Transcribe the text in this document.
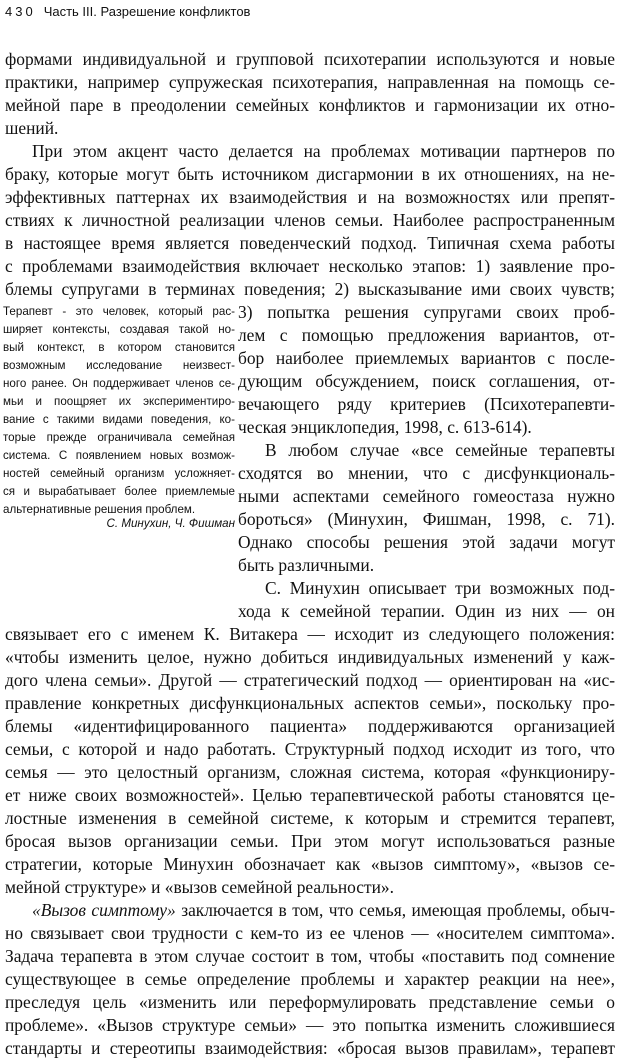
430 Часть III. Разрешение конфликтов
формами индивидуальной и групповой психотерапии используются и новые
практики, например супружеская психотерапия, направленная на помощь се-
мейной паре в преодолении семейных конфликтов и гармонизации их отно-
шений.
При этом акцент часто делается на проблемах мотивации партнеров по
браку, которые могут быть источником дисгармонии в их отношениях, на не-
эффективных паттернах их взаимодействия и на возможностях или препят-
ствиях к личностной реализации членов семьи. Наиболее распространенным
в настоящее время является поведенческий подход. Типичная схема работы
с проблемами взаимодействия включает несколько этапов: 1) заявление про-
блемы супругами в терминах поведения; 2) высказывание ими своих чувств;
3) попытка решения супругами своих проб-
лем с помощью предложения вариантов, от-
бор наиболее приемлемых вариантов с после-
дующим обсуждением, поиск соглашения, от-
вечающего ряду критериев (Психотерапевти-
ческая энциклопедия, 1998, с. 613-614).
В любом случае «все семейные терапевты
сходятся во мнении, что с дисфункциональ-
ными аспектами семейного гомеостаза нужно
бороться» (Минухин, Фишман, 1998, с. 71).
Однако способы решения этой задачи могут
быть различными.
С. Минухин описывает три возможных под-
хода к семейной терапии. Один из них — он
связывает его с именем К. Витакера — исходит из следующего положения:
«чтобы изменить целое, нужно добиться индивидуальных изменений у каж-
дого члена семьи». Другой — стратегический подход — ориентирован на «ис-
правление конкретных дисфункциональных аспектов семьи», поскольку про-
блемы «идентифицированного пациента» поддерживаются организацией
семьи, с которой и надо работать. Структурный подход исходит из того, что
семья — это целостный организм, сложная система, которая «функциониру-
ет ниже своих возможностей». Целью терапевтической работы становятся це-
лостные изменения в семейной системе, к которым и стремится терапевт,
бросая вызов организации семьи. При этом могут использоваться разные
стратегии, которые Минухин обозначает как «вызов симптому», «вызов се-
мейной структуре» и «вызов семейной реальности».
«Вызов симптому» заключается в том, что семья, имеющая проблемы, обыч-
но связывает свои трудности с кем-то из ее членов — «носителем симптома».
Задача терапевта в этом случае состоит в том, чтобы «поставить под сомнение
существующее в семье определение проблемы и характер реакции на нее»,
преследуя цель «изменить или переформулировать представление семьи о
проблеме». «Вызов структуре семьи» — это попытка изменить сложившиеся
стандарты и стереотипы взаимодействия: «бросая вызов правилам», терапевт
Терапевт - это человек, который рас-
ширяет контексты, создавая такой но-
вый контекст, в котором становится
возможным исследование неизвест-
ного ранее. Он поддерживает членов се-
мьи и поощряет их экспериментиро-
вание с такими видами поведения, ко-
торые прежде ограничивала семейная
система. С появлением новых возмож-
ностей семейный организм усложняет-
ся и вырабатывает более приемлемые
альтернативные решения проблем.
С. Минухин, Ч. Фишман
